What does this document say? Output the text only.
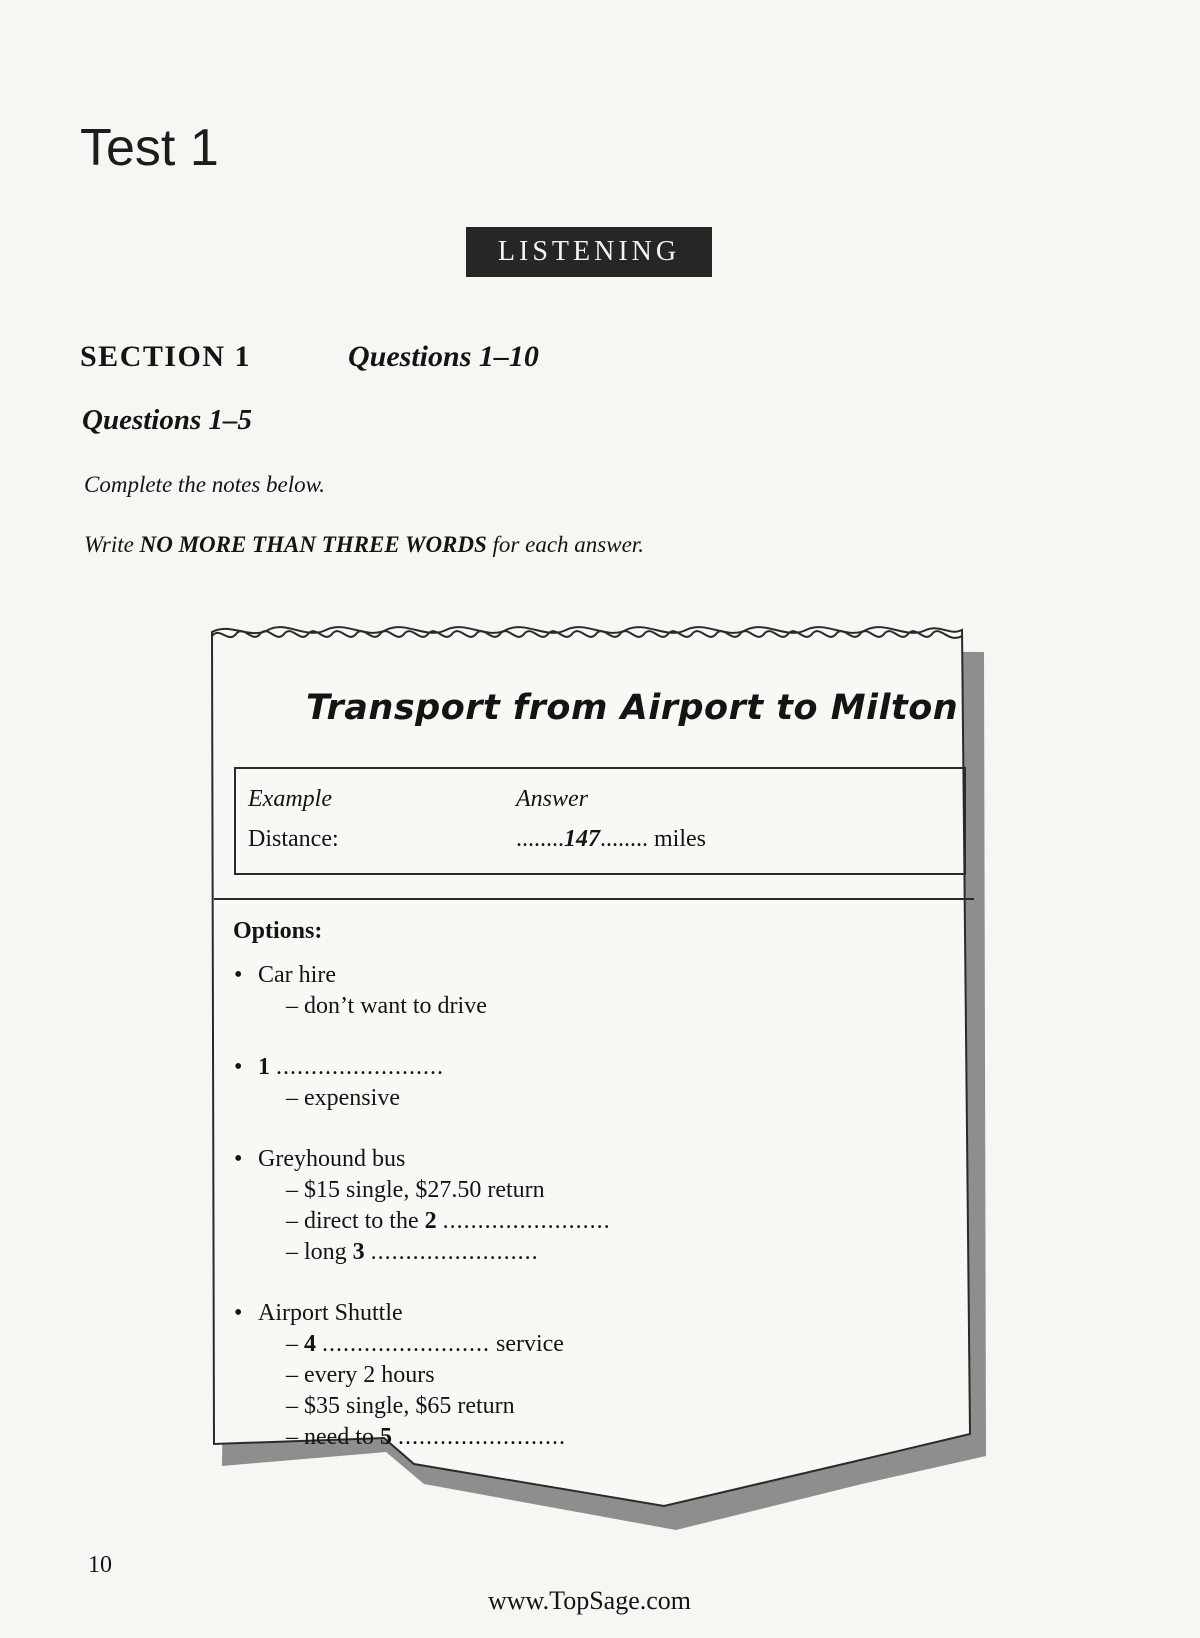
Test 1
LISTENING
SECTION 1	Questions 1–10
Questions 1–5
Complete the notes below.
Write NO MORE THAN THREE WORDS for each answer.
Transport from Airport to Milton
Example	Answer
Distance:	........147........ miles
Options:
• Car hire
– don’t want to drive
• 1 ........................
– expensive
• Greyhound bus
– $15 single, $27.50 return
– direct to the 2 ........................
– long 3 ........................
• Airport Shuttle
– 4 ........................ service
– every 2 hours
– $35 single, $65 return
– need to 5 ........................
10
www.TopSage.com
